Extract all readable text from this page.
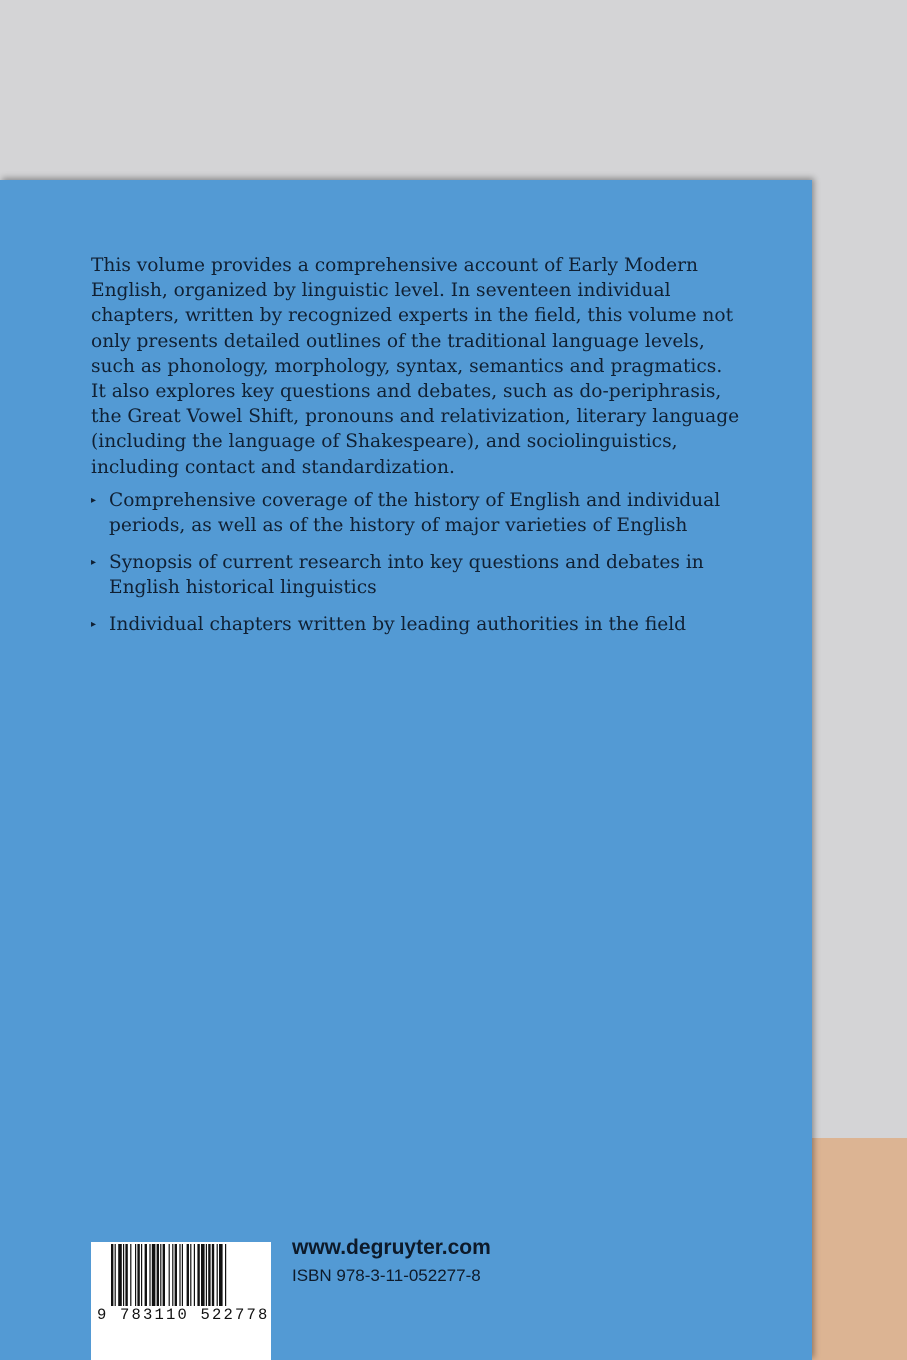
This volume provides a comprehensive account of Early Modern English, organized by linguistic level. In seventeen individual chapters, written by recognized experts in the field, this volume not only presents detailed outlines of the traditional language levels, such as phonology, morphology, syntax, semantics and pragmatics. It also explores key questions and debates, such as do-periphrasis, the Great Vowel Shift, pronouns and relativization, literary language (including the language of Shakespeare), and sociolinguistics, including contact and standardization.

▸ Comprehensive coverage of the history of English and individual periods, as well as of the history of major varieties of English
▸ Synopsis of current research into key questions and debates in English historical linguistics
▸ Individual chapters written by leading authorities in the field
9 783110 522778
www.degruyter.com
ISBN 978-3-11-052277-8
